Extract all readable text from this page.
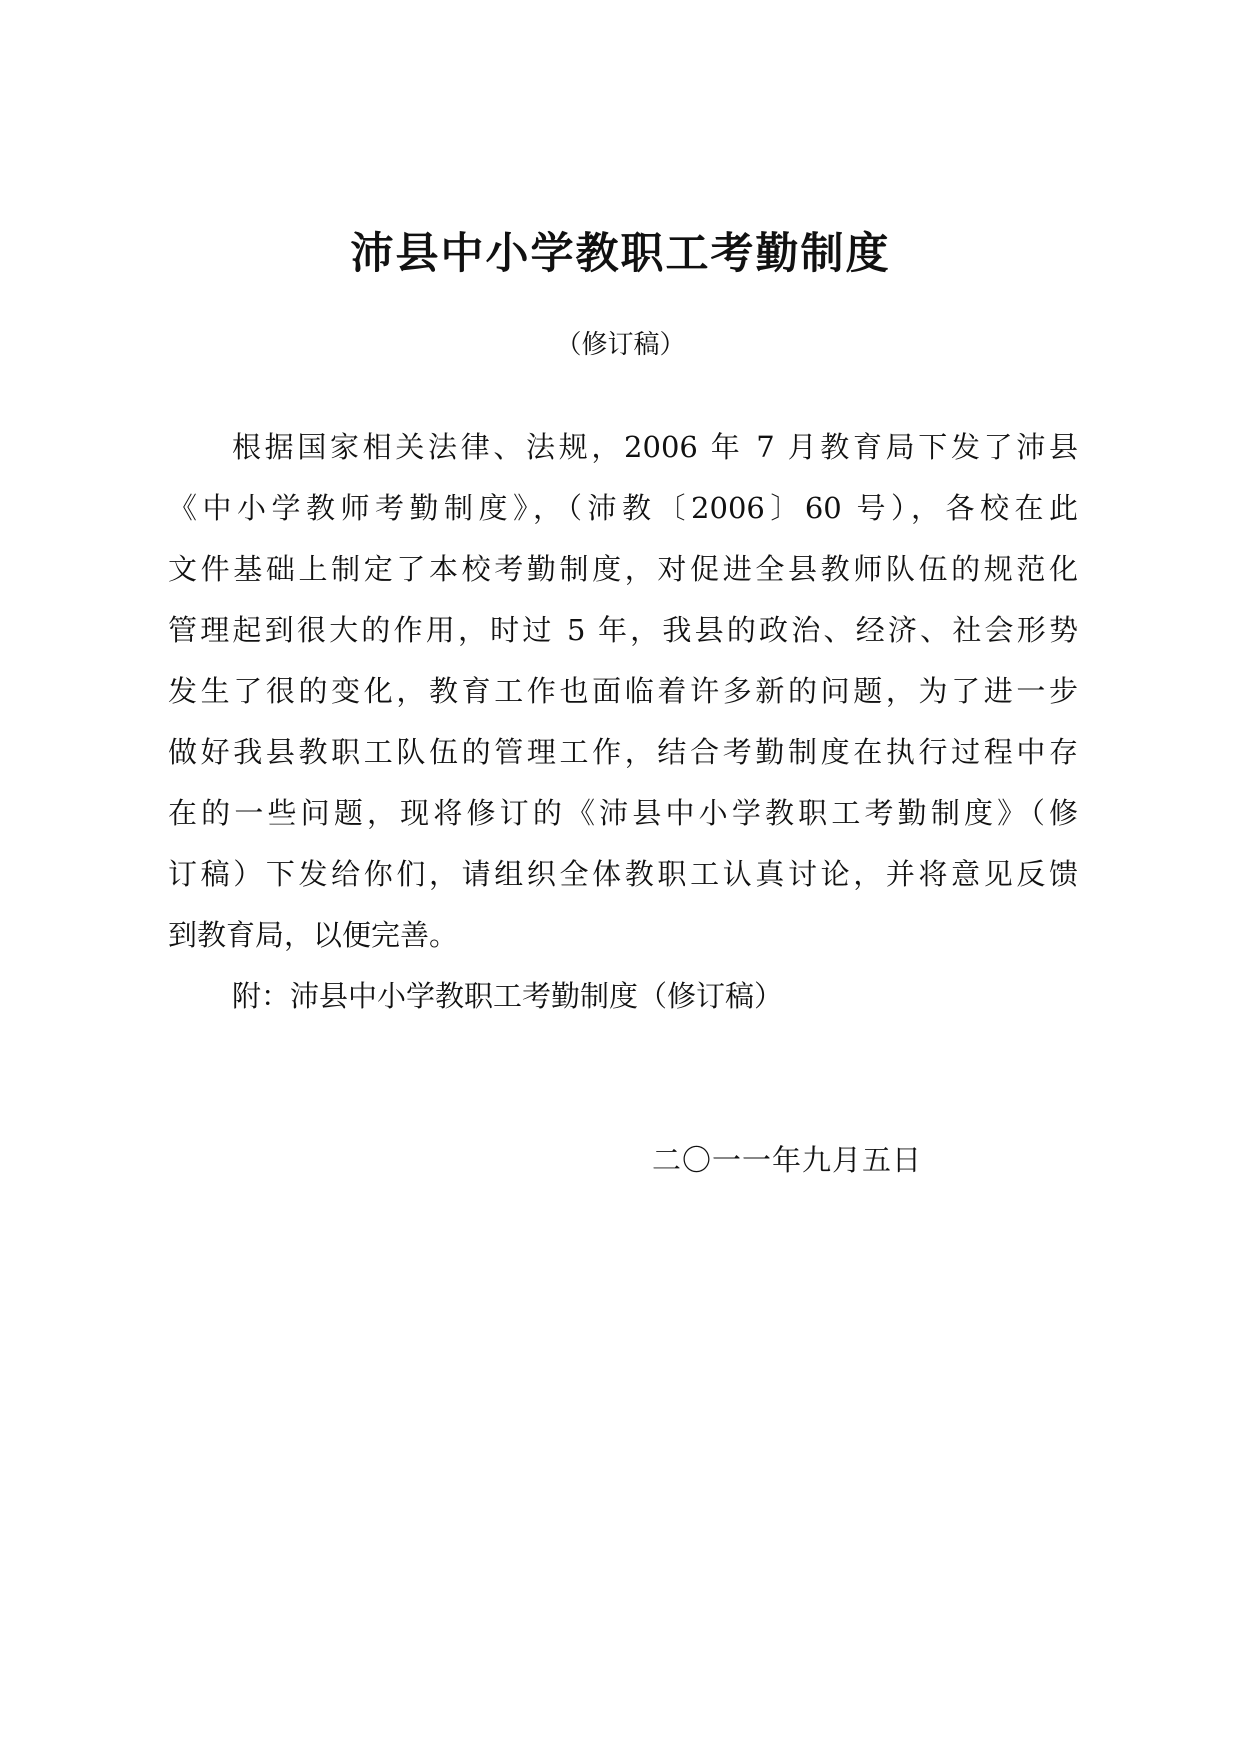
沛县中小学教职工考勤制度
（修订稿）
根据国家相关法律、法规，2006 年 7 月教育局下发了沛县
《中小学教师考勤制度》，（沛教〔2006〕60 号），各校在此
文件基础上制定了本校考勤制度，对促进全县教师队伍的规范化
管理起到很大的作用，时过 5 年，我县的政治、经济、社会形势
发生了很的变化，教育工作也面临着许多新的问题，为了进一步
做好我县教职工队伍的管理工作，结合考勤制度在执行过程中存
在的一些问题，现将修订的《沛县中小学教职工考勤制度》（修
订稿）下发给你们，请组织全体教职工认真讨论，并将意见反馈
到教育局，以便完善。
附：沛县中小学教职工考勤制度（修订稿）
二〇一一年九月五日
